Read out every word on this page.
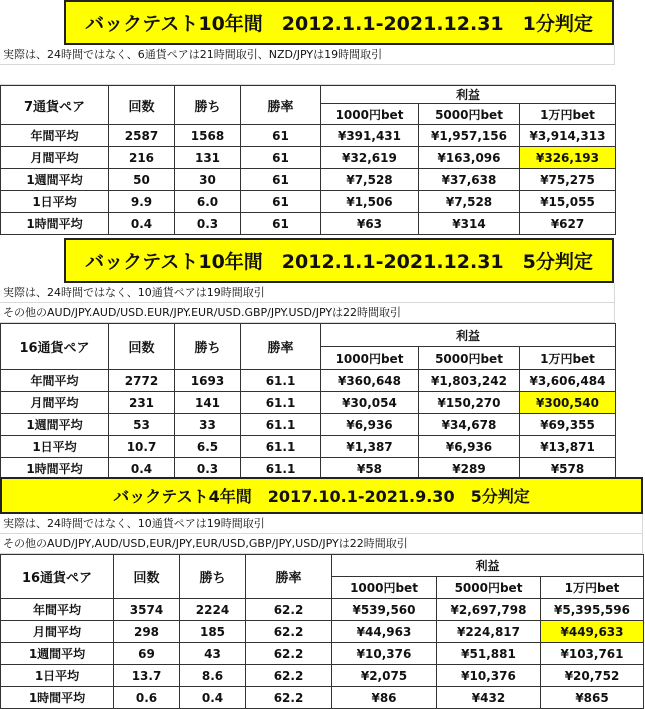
バックテスト10年間　2012.1.1-2021.12.31　1分判定
実際は、24時間ではなく、6通貨ペアは21時間取引、NZD/JPYは19時間取引
7通貨ペア	回数	勝ち	勝率	利益		
				1000円bet	5000円bet	1万円bet
年間平均	2587	1568	61	¥391,431	¥1,957,156	¥3,914,313
月間平均	216	131	61	¥32,619	¥163,096	¥326,193
1週間平均	50	30	61	¥7,528	¥37,638	¥75,275
1日平均	9.9	6.0	61	¥1,506	¥7,528	¥15,055
1時間平均	0.4	0.3	61	¥63	¥314	¥627
バックテスト10年間　2012.1.1-2021.12.31　5分判定
実際は、24時間ではなく、10通貨ペアは19時間取引
その他のAUD/JPY.AUD/USD.EUR/JPY.EUR/USD.GBP/JPY.USD/JPYは22時間取引
16通貨ペア	回数	勝ち	勝率	利益		
				1000円bet	5000円bet	1万円bet
年間平均	2772	1693	61.1	¥360,648	¥1,803,242	¥3,606,484
月間平均	231	141	61.1	¥30,054	¥150,270	¥300,540
1週間平均	53	33	61.1	¥6,936	¥34,678	¥69,355
1日平均	10.7	6.5	61.1	¥1,387	¥6,936	¥13,871
1時間平均	0.4	0.3	61.1	¥58	¥289	¥578
バックテスト4年間　2017.10.1-2021.9.30　5分判定
実際は、24時間ではなく、10通貨ペアは19時間取引
その他のAUD/JPY,AUD/USD,EUR/JPY,EUR/USD,GBP/JPY,USD/JPYは22時間取引
16通貨ペア	回数	勝ち	勝率	利益		
				1000円bet	5000円bet	1万円bet
年間平均	3574	2224	62.2	¥539,560	¥2,697,798	¥5,395,596
月間平均	298	185	62.2	¥44,963	¥224,817	¥449,633
1週間平均	69	43	62.2	¥10,376	¥51,881	¥103,761
1日平均	13.7	8.6	62.2	¥2,075	¥10,376	¥20,752
1時間平均	0.6	0.4	62.2	¥86	¥432	¥865
